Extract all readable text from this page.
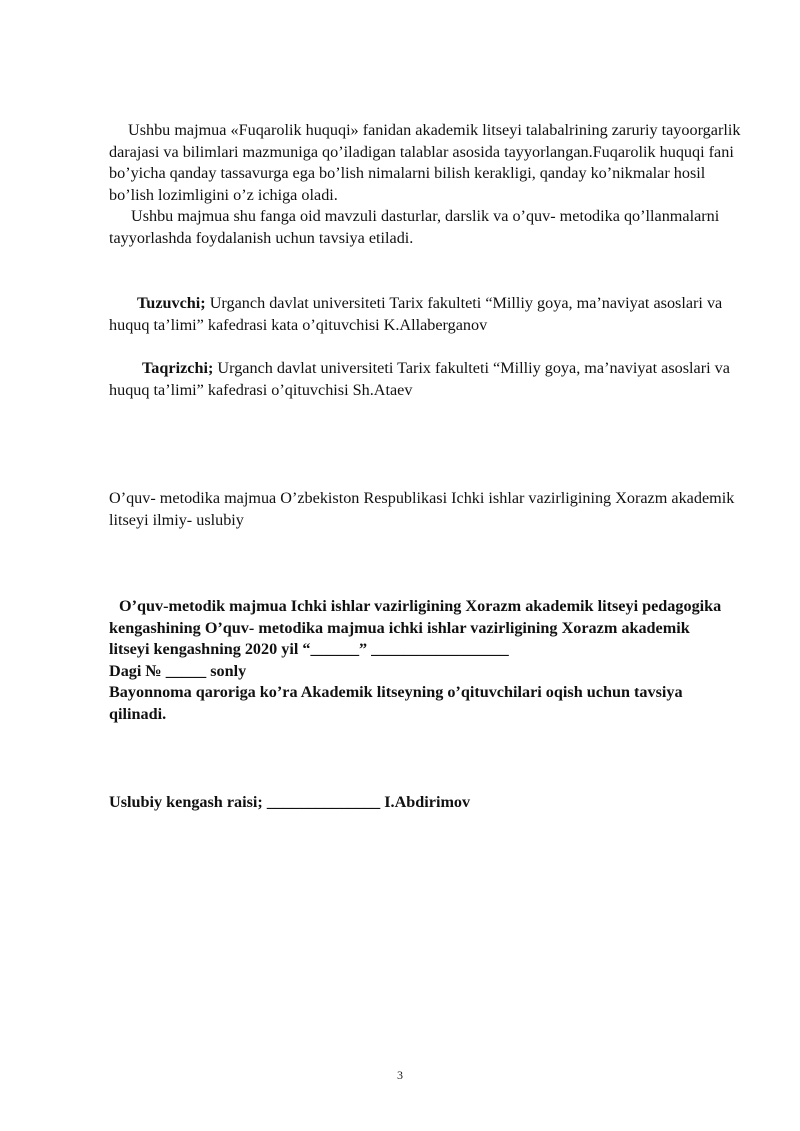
Ushbu majmua «Fuqarolik huquqi» fanidan akademik litseyi talabalrining zaruriy tayoorgarlik darajasi va bilimlari mazmuniga qo’iladigan talablar asosida tayyorlangan.Fuqarolik huquqi fani bo’yicha qanday tassavurga ega bo’lish nimalarni bilish kerakligi, qanday ko’nikmalar hosil bo’lish lozimligini o’z ichiga oladi.

Ushbu majmua shu fanga oid mavzuli dasturlar, darslik va o’quv- metodika qo’llanmalarni tayyorlashda foydalanish uchun tavsiya etiladi.

Tuzuvchi; Urganch davlat universiteti Tarix fakulteti “Milliy goya, ma’naviyat asoslari va huquq ta’limi” kafedrasi kata o’qituvchisi K.Allaberganov

Taqrizchi; Urganch davlat universiteti Tarix fakulteti “Milliy goya, ma’naviyat asoslari va huquq ta’limi” kafedrasi o’qituvchisi Sh.Ataev

O’quv- metodika majmua O’zbekiston Respublikasi Ichki ishlar vazirligining Xorazm akademik litseyi ilmiy- uslubiy

O’quv-metodik majmua Ichki ishlar vazirligining Xorazm akademik litseyi pedagogika kengashining O’quv- metodika majmua ichki ishlar vazirligining Xorazm akademik litseyi kengashning 2020 yil “______” _________________

Dagi № _____ sonly

Bayonnoma qaroriga ko’ra Akademik litseyning o’qituvchilari oqish uchun tavsiya qilinadi.

Uslubiy kengash raisi; ______________ I.Abdirimov

3
